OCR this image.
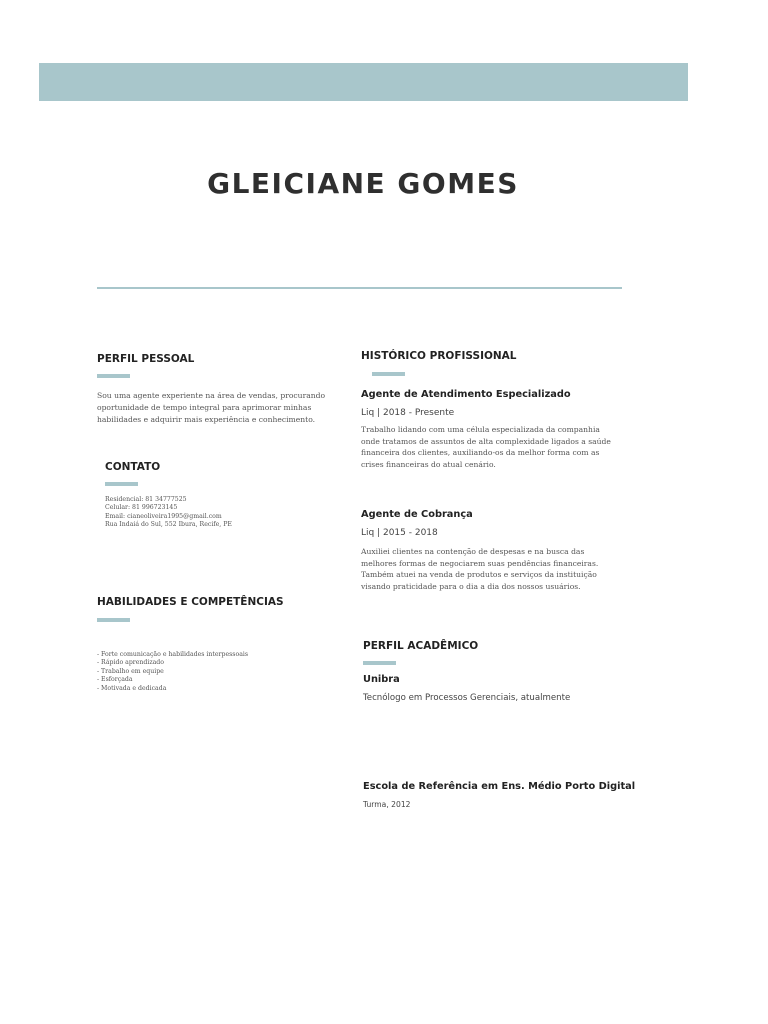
GLEICIANE GOMES
PERFIL PESSOAL
Sou uma agente experiente na área de vendas, procurando
oportunidade de tempo integral para aprimorar minhas
habilidades e adquirir mais experiência e conhecimento.
CONTATO
Residencial: 81 34777525
Celular: 81 996723145
Email: cianeoliveira1995@gmail.com
Rua Indaiá do Sul, 552 Ibura, Recife, PE
HABILIDADES E COMPETÊNCIAS
- Forte comunicação e habilidades interpessoais
- Rápido aprendizado
- Trabalho em equipe
- Esforçada
- Motivada e dedicada
HISTÓRICO PROFISSIONAL
Agente de Atendimento Especializado
Liq | 2018 - Presente
Trabalho lidando com uma célula especializada da companhia
onde tratamos de assuntos de alta complexidade ligados a saúde
financeira dos clientes, auxiliando-os da melhor forma com as
crises financeiras do atual cenário.
Agente de Cobrança
Liq | 2015 - 2018
Auxiliei clientes na contenção de despesas e na busca das
melhores formas de negociarem suas pendências financeiras.
Também atuei na venda de produtos e serviços da instituição
visando praticidade para o dia a dia dos nossos usuários.
PERFIL ACADÊMICO
Unibra
Tecnólogo em Processos Gerenciais, atualmente
Escola de Referência em Ens. Médio Porto Digital
Turma, 2012
